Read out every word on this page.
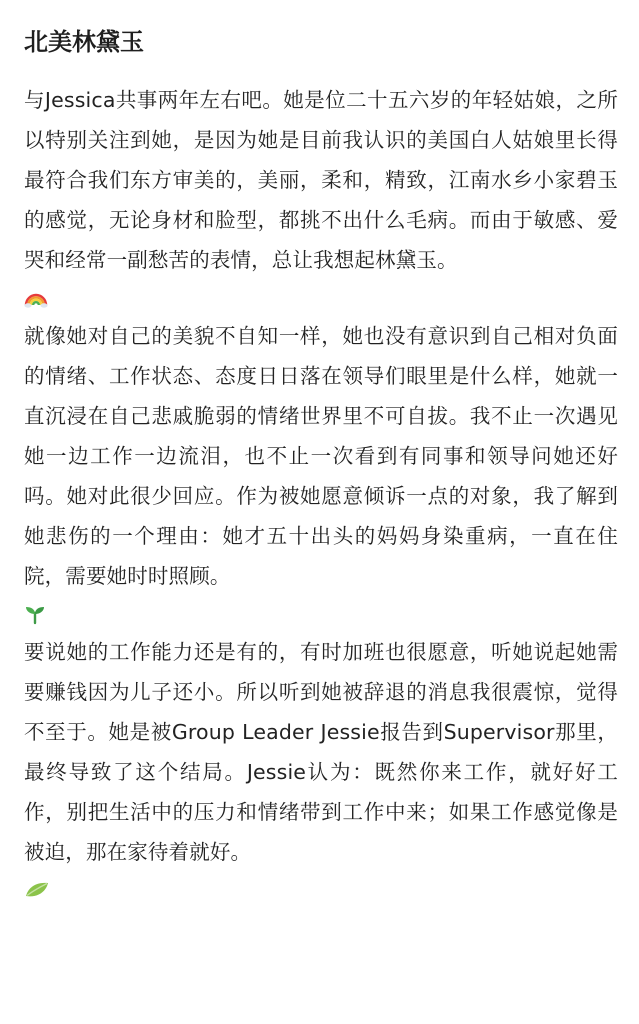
北美林黛玉

与Jessica共事两年左右吧。她是位二十五六岁的年轻姑娘，之所以特别关注到她，是因为她是目前我认识的美国白人姑娘里长得最符合我们东方审美的，美丽，柔和，精致，江南水乡小家碧玉的感觉，无论身材和脸型，都挑不出什么毛病。而由于敏感、爱哭和经常一副愁苦的表情，总让我想起林黛玉。

就像她对自己的美貌不自知一样，她也没有意识到自己相对负面的情绪、工作状态、态度日日落在领导们眼里是什么样，她就一直沉浸在自己悲戚脆弱的情绪世界里不可自拔。我不止一次遇见她一边工作一边流泪，也不止一次看到有同事和领导问她还好吗。她对此很少回应。作为被她愿意倾诉一点的对象，我了解到她悲伤的一个理由：她才五十出头的妈妈身染重病，一直在住院，需要她时时照顾。

要说她的工作能力还是有的，有时加班也很愿意，听她说起她需要赚钱因为儿子还小。所以听到她被辞退的消息我很震惊，觉得不至于。她是被Group Leader Jessie报告到Supervisor那里，最终导致了这个结局。Jessie认为：既然你来工作，就好好工作，别把生活中的压力和情绪带到工作中来；如果工作感觉像是被迫，那在家待着就好。
